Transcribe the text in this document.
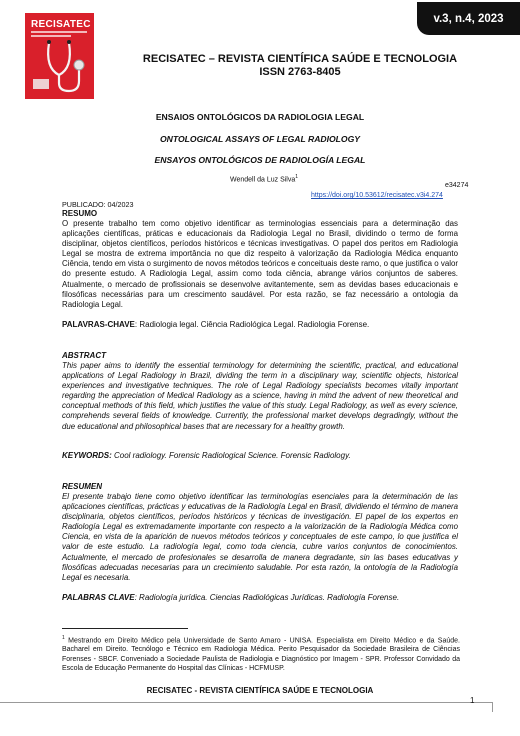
v.3, n.4, 2023
RECISATEC
RECISATEC – REVISTA CIENTÍFICA SAÚDE E TECNOLOGIA
ISSN 2763-8405
ENSAIOS ONTOLÓGICOS DA RADIOLOGIA LEGAL
ONTOLOGICAL ASSAYS OF LEGAL RADIOLOGY
ENSAYOS ONTOLÓGICOS DE RADIOLOGÍA LEGAL
Wendell da Luz Silva$^1$
e34274
https://doi.org/10.53612/recisatec.v3i4.274
PUBLICADO: 04/2023
RESUMO
O presente trabalho tem como objetivo identificar as terminologias essenciais para a determinação das aplicações científicas, práticas e educacionais da Radiologia Legal no Brasil, dividindo o termo de forma disciplinar, objetos científicos, períodos históricos e técnicas investigativas. O papel dos peritos em Radiologia Legal se mostra de extrema importância no que diz respeito à valorização da Radiologia Médica enquanto Ciência, tendo em vista o surgimento de novos métodos teóricos e conceituais deste ramo, o que justifica o valor do presente estudo. A Radiologia Legal, assim como toda ciência, abrange vários conjuntos de saberes. Atualmente, o mercado de profissionais se desenvolve avitantemente, sem as devidas bases educacionais e filosóficas necessárias para um crescimento saudável. Por esta razão, se faz necessário a ontologia da Radiologia Legal.
PALAVRAS-CHAVE: Radiologia legal. Ciência Radiológica Legal. Radiologia Forense.
ABSTRACT
This paper aims to identify the essential terminology for determining the scientific, practical, and educational applications of Legal Radiology in Brazil, dividing the term in a disciplinary way, scientific objects, historical experiences and investigative techniques. The role of Legal Radiology specialists becomes vitally important regarding the appreciation of Medical Radiology as a science, having in mind the advent of new theoretical and conceptual methods of this field, which justifies the value of this study. Legal Radiology, as well as every science, comprehends several fields of knowledge. Currently, the professional market develops degradingly, without the due educational and philosophical bases that are necessary for a healthy growth.
KEYWORDS: Cool radiology. Forensic Radiological Science. Forensic Radiology.
RESUMEN
El presente trabajo tiene como objetivo identificar las terminologías esenciales para la determinación de las aplicaciones científicas, prácticas y educativas de la Radiología Legal en Brasil, dividiendo el término de manera disciplinaria, objetos científicos, períodos históricos y técnicas de investigación. El papel de los expertos en Radiología Legal es extremadamente importante con respecto a la valorización de la Radiología Médica como Ciencia, en vista de la aparición de nuevos métodos teóricos y conceptuales de este campo, lo que justifica el valor de este estudio. La radiología legal, como toda ciencia, cubre varios conjuntos de conocimientos. Actualmente, el mercado de profesionales se desarrolla de manera degradante, sin las bases educativas y filosóficas adecuadas necesarias para un crecimiento saludable. Por esta razón, la ontología de la Radiología Legal es necesaria.
PALABRAS CLAVE: Radiología jurídica. Ciencias Radiológicas Jurídicas. Radiología Forense.
$^1$ Mestrando em Direito Médico pela Universidade de Santo Amaro - UNISA. Especialista em Direito Médico e da Saúde. Bacharel em Direito. Tecnólogo e Técnico em Radiologia Médica. Perito Pesquisador da Sociedade Brasileira de Ciências Forenses - SBCF. Conveniado a Sociedade Paulista de Radiologia e Diagnóstico por Imagem - SPR. Professor Convidado da Escola de Educação Permanente do Hospital das Clínicas - HCFMUSP.
RECISATEC - REVISTA CIENTÍFICA SAÚDE E TECNOLOGIA
1
